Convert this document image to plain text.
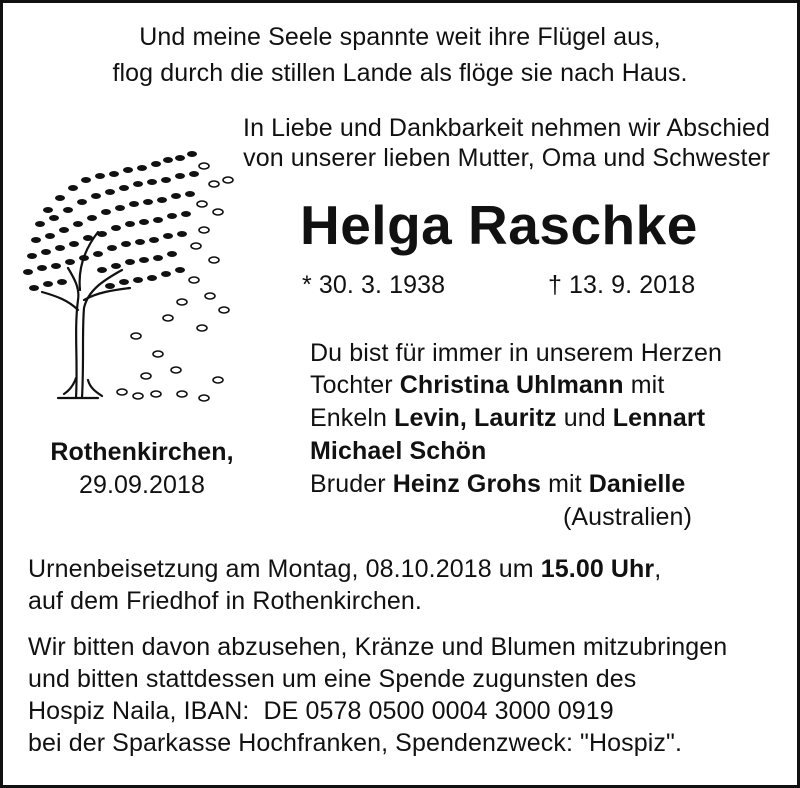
Und meine Seele spannte weit ihre Flügel aus,
flog durch die stillen Lande als flöge sie nach Haus.
In Liebe und Dankbarkeit nehmen wir Abschied
von unserer lieben Mutter, Oma und Schwester
Helga Raschke
* 30. 3. 1938	† 13. 9. 2018
Rothenkirchen,
29.09.2018
Du bist für immer in unserem Herzen
Tochter Christina Uhlmann mit
Enkeln Levin, Lauritz und Lennart
Michael Schön
Bruder Heinz Grohs mit Danielle
(Australien)
Urnenbeisetzung am Montag, 08.10.2018 um 15.00 Uhr,
auf dem Friedhof in Rothenkirchen.
Wir bitten davon abzusehen, Kränze und Blumen mitzubringen
und bitten stattdessen um eine Spende zugunsten des
Hospiz Naila, IBAN:  DE 0578 0500 0004 3000 0919
bei der Sparkasse Hochfranken, Spendenzweck: "Hospiz".
